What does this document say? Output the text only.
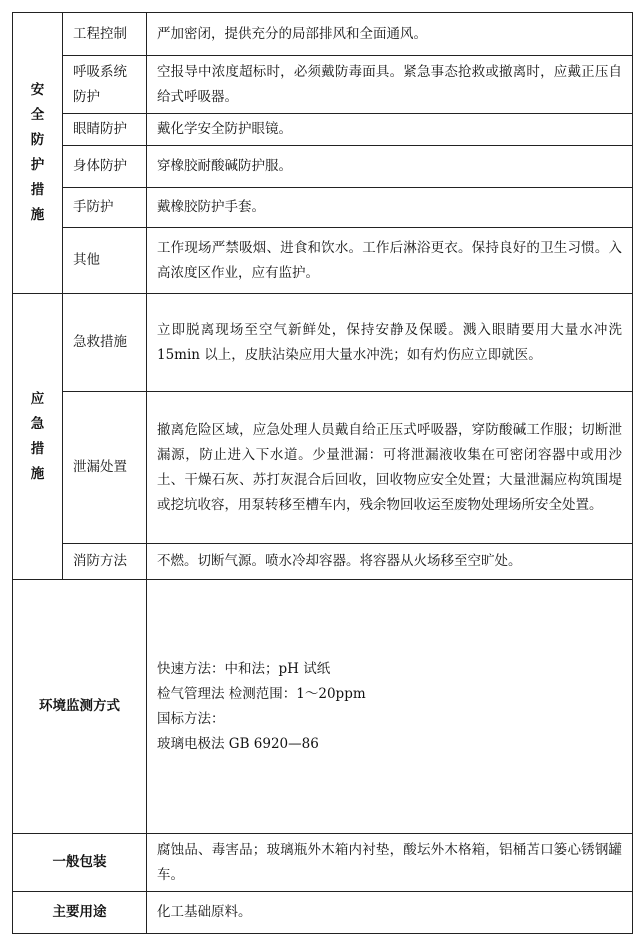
安全防护措施	工程控制	严加密闭，提供充分的局部排风和全面通风。
	呼吸系统防护	空报导中浓度超标时，必须戴防毒面具。紧急事态抢救或撤离时，应戴正压自给式呼吸器。
	眼睛防护	戴化学安全防护眼镜。
	身体防护	穿橡胶耐酸碱防护服。
	手防护	戴橡胶防护手套。
	其他	工作现场严禁吸烟、进食和饮水。工作后淋浴更衣。保持良好的卫生习惯。入高浓度区作业，应有监护。
应急措施	急救措施	立即脱离现场至空气新鲜处，保持安静及保暖。溅入眼睛要用大量水冲洗 15min 以上，皮肤沾染应用大量水冲洗；如有灼伤应立即就医。
	泄漏处置	撤离危险区域，应急处理人员戴自给正压式呼吸器，穿防酸碱工作服；切断泄漏源，防止进入下水道。少量泄漏：可将泄漏液收集在可密闭容器中或用沙土、干燥石灰、苏打灰混合后回收，回收物应安全处置；大量泄漏应构筑围堤或挖坑收容，用泵转移至槽车内，残余物回收运至废物处理场所安全处置。
	消防方法	不燃。切断气源。喷水冷却容器。将容器从火场移至空旷处。
环境监测方式		快速方法：中和法；pH 试纸
检气管理法 检测范围：1～20ppm
国标方法：
玻璃电极法 GB 6920—86

一般包装		腐蚀品、毒害品；玻璃瓶外木箱内衬垫，酸坛外木格箱，铝桶苫口篓心锈钢罐车。
主要用途		化工基础原料。
